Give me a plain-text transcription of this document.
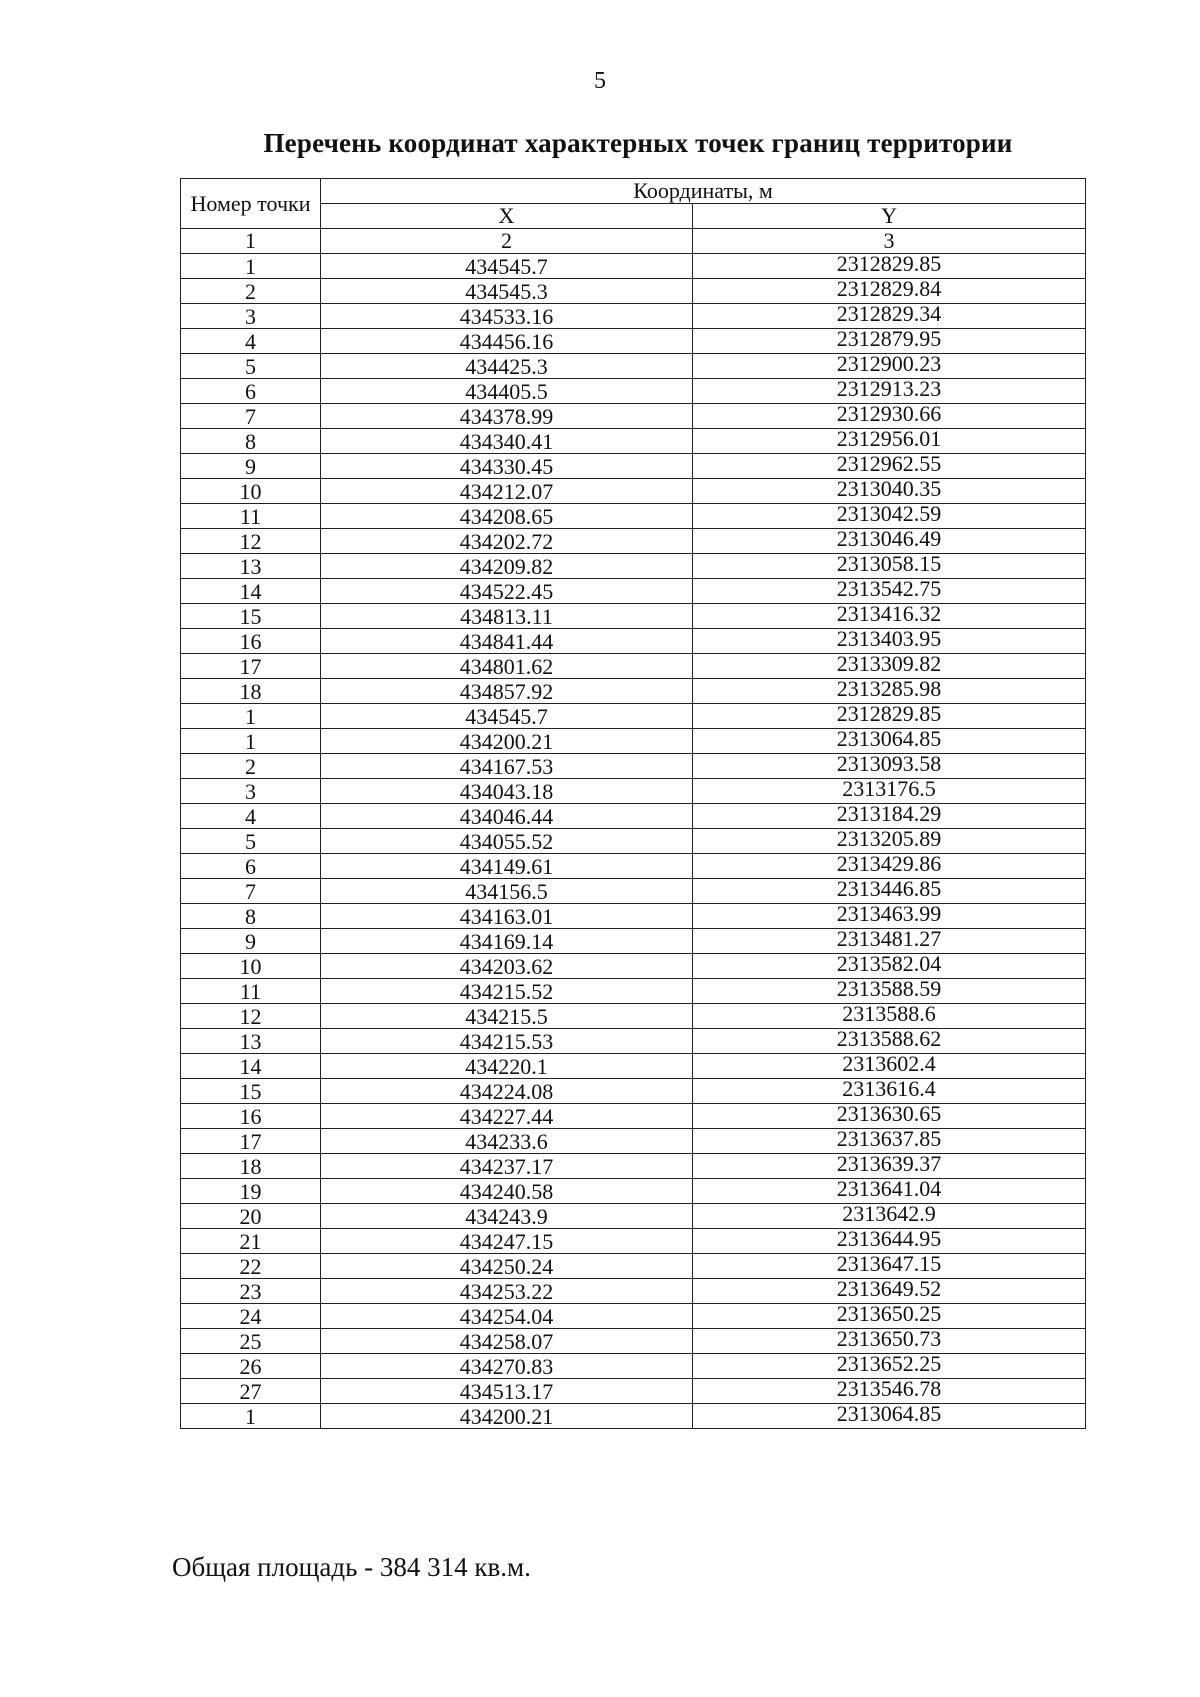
5
Перечень координат характерных точек границ территории
Номер точки	Координаты, м	
	X	Y
1	2	3
1	434545.7	2312829.85
2	434545.3	2312829.84
3	434533.16	2312829.34
4	434456.16	2312879.95
5	434425.3	2312900.23
6	434405.5	2312913.23
7	434378.99	2312930.66
8	434340.41	2312956.01
9	434330.45	2312962.55
10	434212.07	2313040.35
11	434208.65	2313042.59
12	434202.72	2313046.49
13	434209.82	2313058.15
14	434522.45	2313542.75
15	434813.11	2313416.32
16	434841.44	2313403.95
17	434801.62	2313309.82
18	434857.92	2313285.98
1	434545.7	2312829.85
1	434200.21	2313064.85
2	434167.53	2313093.58
3	434043.18	2313176.5
4	434046.44	2313184.29
5	434055.52	2313205.89
6	434149.61	2313429.86
7	434156.5	2313446.85
8	434163.01	2313463.99
9	434169.14	2313481.27
10	434203.62	2313582.04
11	434215.52	2313588.59
12	434215.5	2313588.6
13	434215.53	2313588.62
14	434220.1	2313602.4
15	434224.08	2313616.4
16	434227.44	2313630.65
17	434233.6	2313637.85
18	434237.17	2313639.37
19	434240.58	2313641.04
20	434243.9	2313642.9
21	434247.15	2313644.95
22	434250.24	2313647.15
23	434253.22	2313649.52
24	434254.04	2313650.25
25	434258.07	2313650.73
26	434270.83	2313652.25
27	434513.17	2313546.78
1	434200.21	2313064.85
Общая площадь - 384 314 кв.м.
